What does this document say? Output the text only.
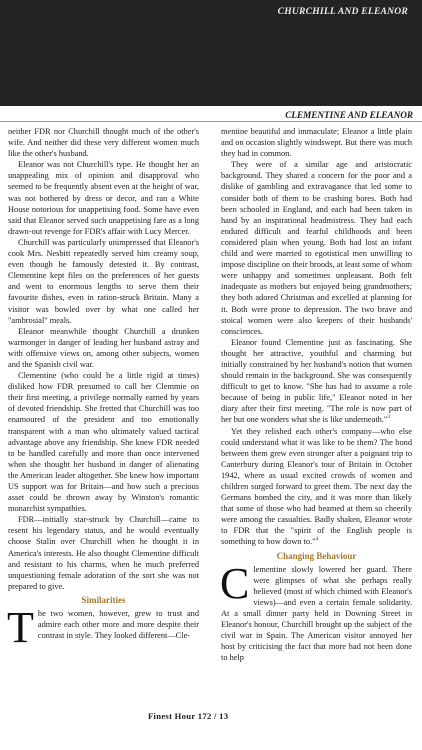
CHURCHILL AND ELEANOR
CLEMENTINE AND ELEANOR

neither FDR nor Churchill thought much of the other's wife. And neither did these very different women much like the other's husband.

Eleanor was not Churchill's type. He thought her an unappealing mix of opinion and disapproval who seemed to be frequently absent even at the height of war, was not bothered by dress or decor, and ran a White House notorious for unappetising food. Some have even said that Eleanor served such unappetising fare as a long drawn-out revenge for FDR's affair with Lucy Mercer.

Churchill was particularly unimpressed that Eleanor's cook Mrs. Nesbitt repeatedly served him creamy soup, even though he famously detested it. By contrast, Clementine kept files on the preferences of her guests and went to enormous lengths to serve them their favourite dishes, even in ration-struck Britain. Many a visitor was bowled over by what one called her "ambrosial" meals.

Eleanor meanwhile thought Churchill a drunken warmonger in danger of leading her husband astray and with offensive views on, among other subjects, women and the Spanish civil war.

Clementine (who could be a little rigid at times) disliked how FDR presumed to call her Clemmie on their first meeting, a privilege normally earned by years of devoted friendship. She fretted that Churchill was too enamoured of the president and too emotionally transparent with a man who ultimately valued tactical advantage above any friendship. She knew FDR needed to be handled carefully and more than once intervened when she thought her husband in danger of alienating the American leader altogether. She knew how important US support was for Britain—and how such a precious asset could be thrown away by Winston's romantic monarchist sympathies.

FDR—initially star-struck by Churchill—came to resent his legendary status, and he would eventually choose Stalin over Churchill when he thought it in America's interests. He also thought Clementine difficult and resistant to his charms, when he much preferred unquestioning female adoration of the sort she was not prepared to give.

Similarities

The two women, however, grew to trust and admire each other more and more despite their contrast in style. They looked different—Cle-

mentine beautiful and immaculate; Eleanor a little plain and on occasion slightly windswept. But there was much they had in common.

They were of a similar age and aristocratic background. They shared a concern for the poor and a dislike of gambling and extravagance that led some to consider both of them to be crashing bores. Both had been schooled in England, and each had been taken in hand by an inspirational headmistress. They had each endured difficult and fearful childhoods and been considered plain when young. Both had lost an infant child and were married to egotistical men unwilling to impose discipline on their broods, at least some of whom were unhappy and sometimes unpleasant. Both felt inadequate as mothers but enjoyed being grandmothers; they both adored Christmas and excelled at planning for it. Both were prone to depression. The two brave and stoical women were also keepers of their husbands' consciences.

Eleanor found Clementine just as fascinating. She thought her attractive, youthful and charming but initially constrained by her husband's notion that women should remain in the background. She was consequently difficult to get to know. "She has had to assume a role because of being in public life," Eleanor noted in her diary after their first meeting. "The role is now part of her but one wonders what she is like underneath."$^3$

Yet they relished each other's company—who else could understand what it was like to be them? The bond between them grew even stronger after a poignant trip to Canterbury during Eleanor's tour of Britain in October 1942, where as usual excited crowds of women and children surged forward to greet them. The next day the Germans bombed the city, and it was more than likely that some of those who had beamed at them so cheerily were among the casualties. Badly shaken, Eleanor wrote to FDR that the "spirit of the English people is something to bow down to."$^4$

Changing Behaviour

Clementine slowly lowered her guard. There were glimpses of what she perhaps really believed (most of which chimed with Eleanor's views)—and even a certain female solidarity. At a small dinner party held in Downing Street in Eleanor's honour, Churchill brought up the subject of the civil war in Spain. The American visitor annoyed her host by criticising the fact that more had not been done to help

Finest Hour 172 / 13
